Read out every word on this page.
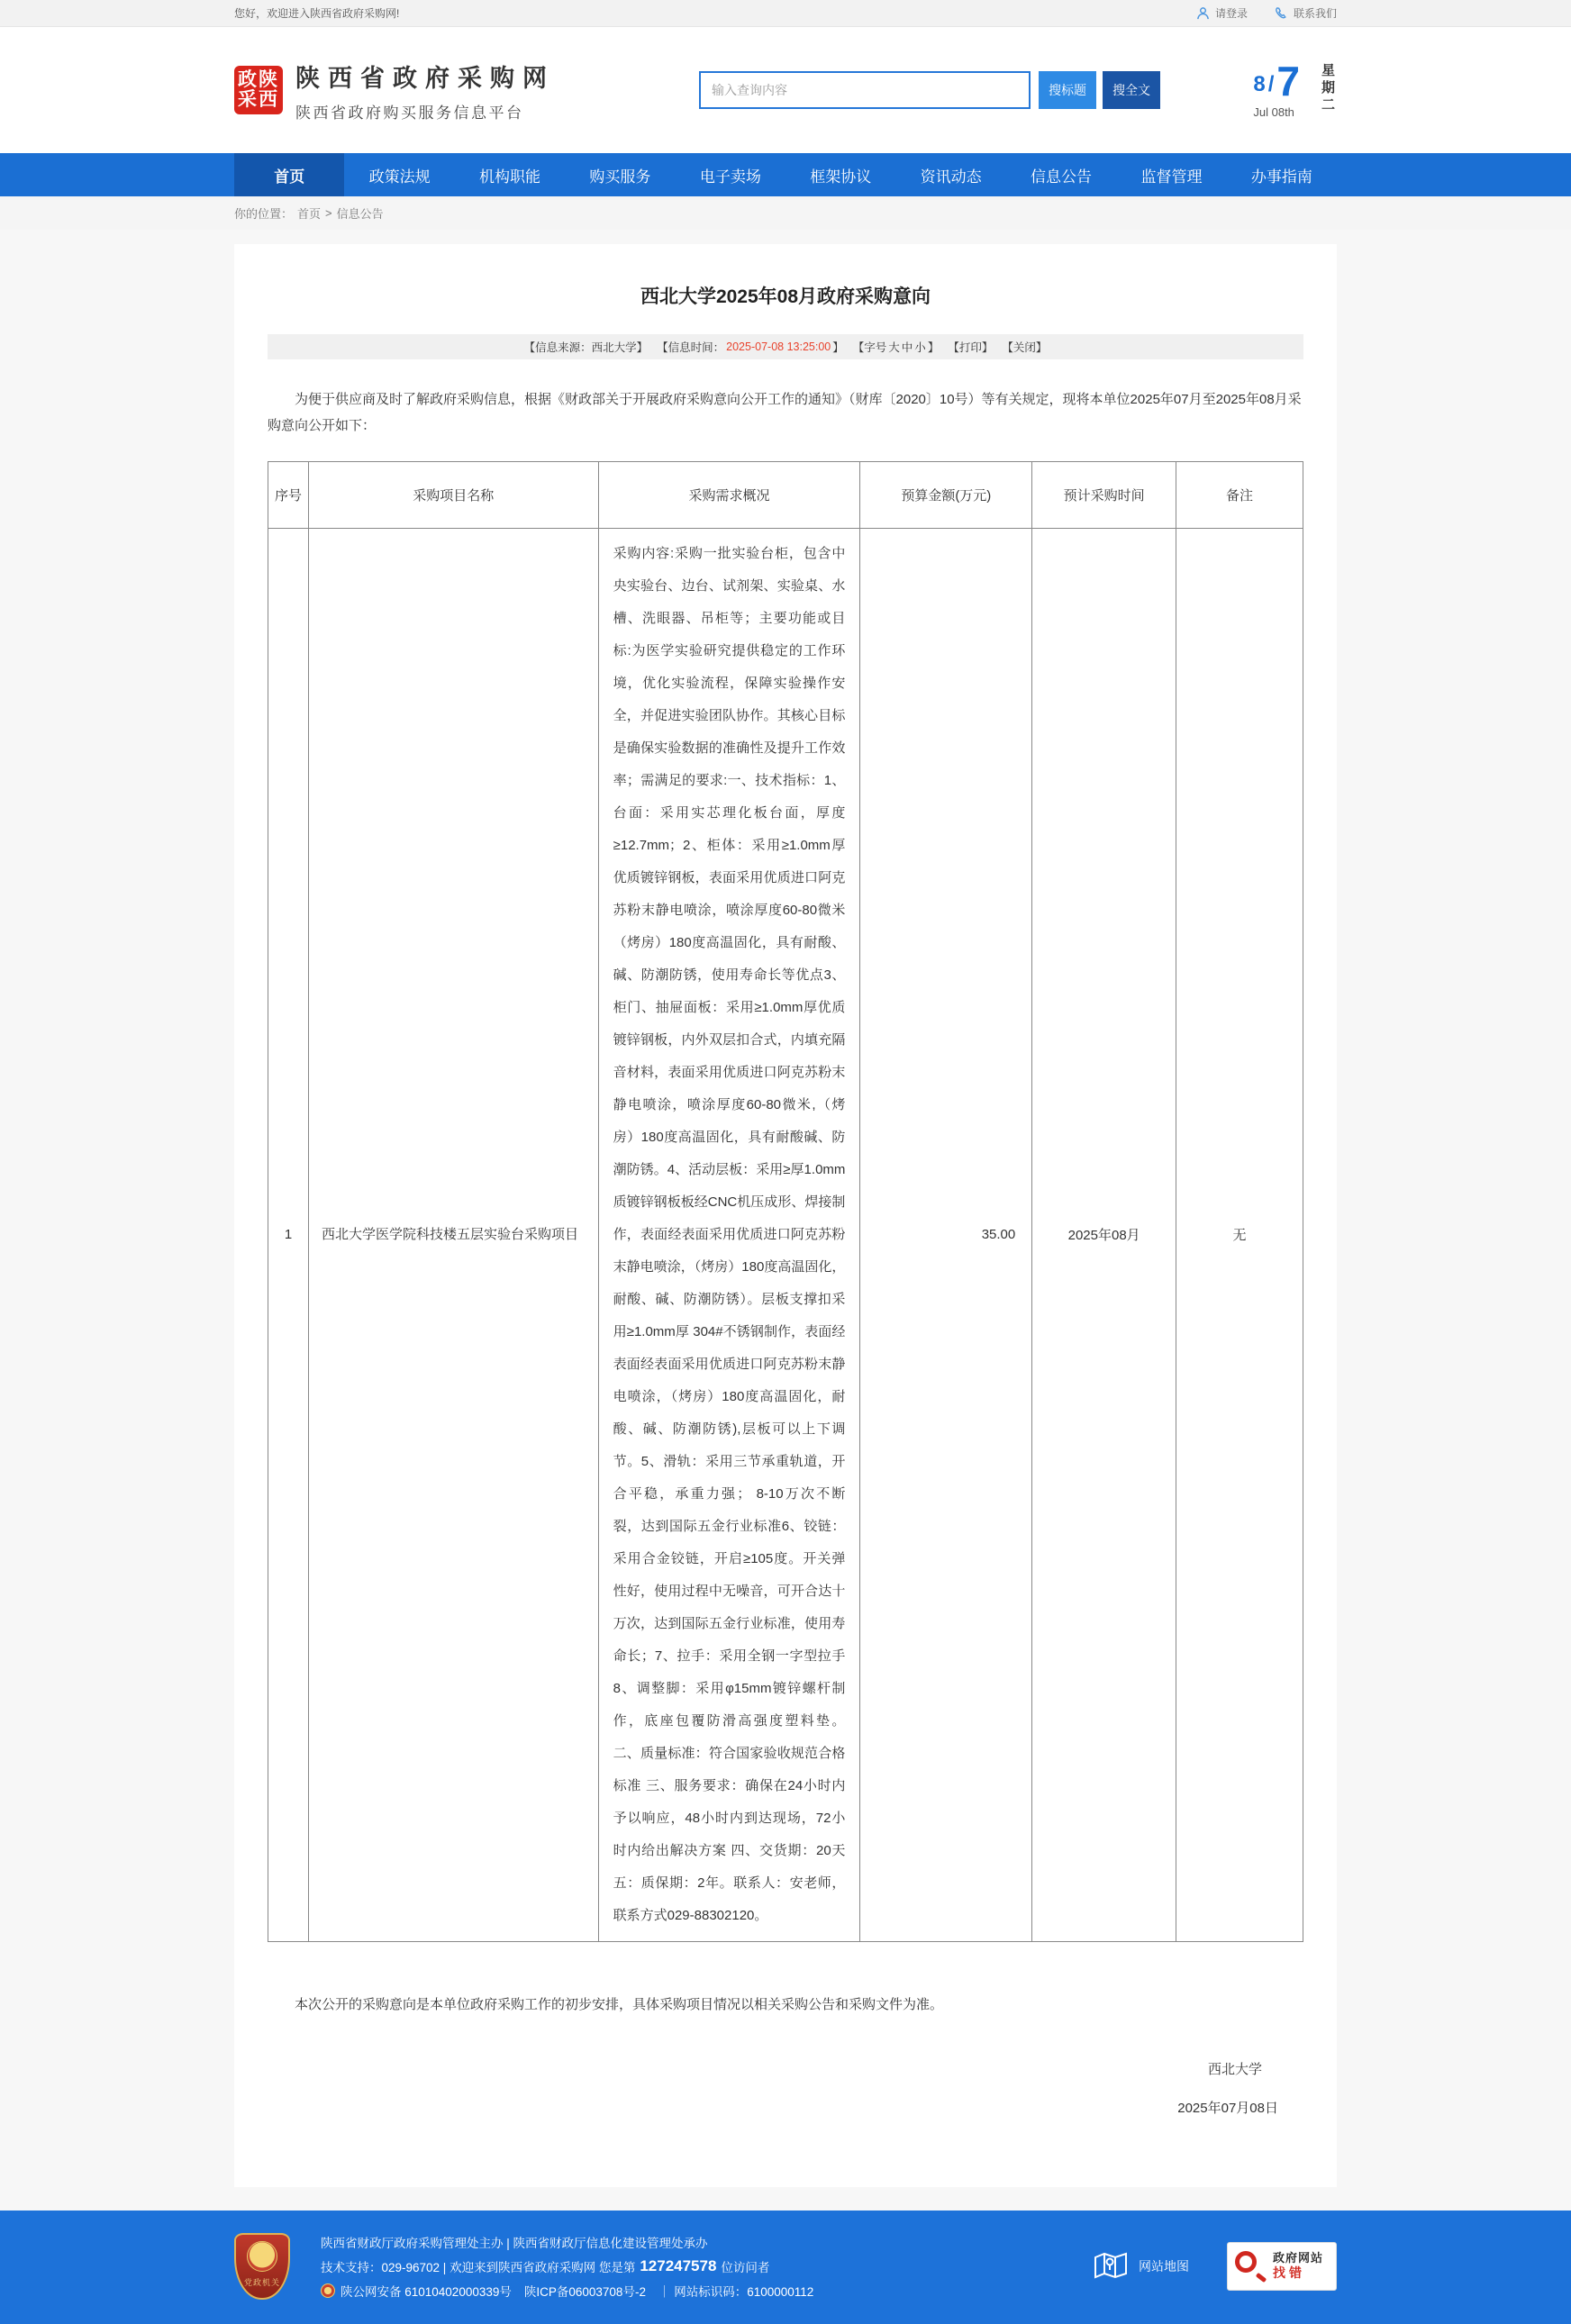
您好，欢迎进入陕西省政府采购网!	请登录	联系我们
政陕
采西
陕西省政府采购网
陕西省政府购买服务信息平台
输入查询内容
搜标题	搜全文	8 / 7
Jul 08th	星期二
首页	政策法规	机构职能	购买服务	电子卖场	框架协议	资讯动态	信息公告	监督管理	办事指南
你的位置： 首页 > 信息公告
西北大学2025年08月政府采购意向
【信息来源：西北大学】 【信息时间： 2025-07-08 13:25:00 】 【字号 大 中 小 】 【打印】 【关闭】

为便于供应商及时了解政府采购信息，根据《财政部关于开展政府采购意向公开工作的通知》（财库〔2020〕10号）等有关规定，现将本单位2025年07月至2025年08月采购意向公开如下：

序号	采购项目名称	采购需求概况	预算金额(万元)	预计采购时间	备注
1	西北大学医学院科技楼五层实验台采购项目	采购内容:采购一批实验台柜，包含中央实验台、边台、试剂架、实验桌、水槽、洗眼器、吊柜等；主要功能或目标:为医学实验研究提供稳定的工作环境，优化实验流程，保障实验操作安全，并促进实验团队协作。其核心目标是确保实验数据的准确性及提升工作效率；需满足的要求:一、技术指标：1、台面：采用实芯理化板台面，厚度≥12.7mm；2、柜体：采用≥1.0mm厚优质镀锌钢板，表面采用优质进口阿克苏粉末静电喷涂，喷涂厚度60-80微米（烤房）180度高温固化，具有耐酸、碱、防潮防锈，使用寿命长等优点3、柜门、抽屉面板：采用≥1.0mm厚优质镀锌钢板，内外双层扣合式，内填充隔音材料，表面采用优质进口阿克苏粉末静电喷涂，喷涂厚度60-80微米,（烤房）180度高温固化，具有耐酸碱、防潮防锈。4、活动层板：采用≥厚1.0mm质镀锌钢板板经CNC机压成形、焊接制作，表面经表面采用优质进口阿克苏粉末静电喷涂，（烤房）180度高温固化，耐酸、碱、防潮防锈）。层板支撑扣采用≥1.0mm厚 304#不锈钢制作，表面经表面经表面采用优质进口阿克苏粉末静电喷涂，（烤房）180度高温固化，耐酸、碱、防潮防锈),层板可以上下调节。5、滑轨：采用三节承重轨道，开合平稳，承重力强； 8-10万次不断裂，达到国际五金行业标准6、铰链：采用合金铰链，开启≥105度。开关弹性好，使用过程中无噪音，可开合达十万次，达到国际五金行业标准，使用寿命长；7、拉手：采用全钢一字型拉手8、调整脚：采用φ15mm镀锌螺杆制作，底座包覆防滑高强度塑料垫。 二、质量标准：符合国家验收规范合格标准 三、服务要求：确保在24小时内予以响应，48小时内到达现场，72小时内给出解决方案 四、交货期：20天 五：质保期：2年。联系人：安老师，联系方式029-88302120。	35.00	2025年08月	无

本次公开的采购意向是本单位政府采购工作的初步安排，具体采购项目情况以相关采购公告和采购文件为准。

西北大学
2025年07月08日
党政机关
陕西省财政厅政府采购管理处主办 | 陕西省财政厅信息化建设管理处承办
技术支持：029-96702 | 欢迎来到陕西省政府采购网 您是第 127247578 位访问者
陕公网安备 61010402000339号 陕ICP备06003708号-2 ｜ 网站标识码：6100000112
网站地图
政府网站
找错
